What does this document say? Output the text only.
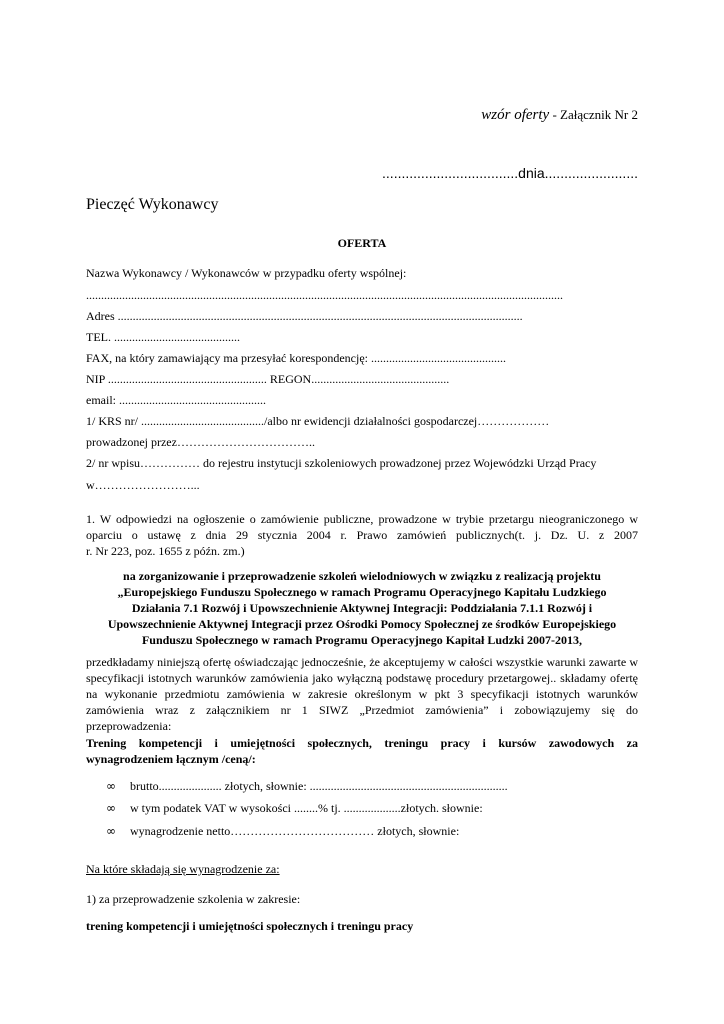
wzór oferty - Załącznik Nr 2
...................................dnia........................
Pieczęć Wykonawcy
OFERTA
Nazwa Wykonawcy / Wykonawców w przypadku oferty wspólnej:
...............................................................................................................................................................
Adres .......................................................................................................................................
TEL. ..........................................
FAX, na który zamawiający ma przesyłać korespondencję: .............................................
NIP ..................................................... REGON..............................................
email: .................................................
1/ KRS nr/ ........................................./albo nr ewidencji działalności gospodarczej………………
prowadzonej przez……………………………..
2/ nr wpisu…………… do rejestru instytucji szkoleniowych prowadzonej przez Wojewódzki Urząd Pracy
w……………………...
1. W odpowiedzi na ogłoszenie o zamówienie publiczne, prowadzone w trybie przetargu nieograniczonego w oparciu o ustawę z dnia 29 stycznia 2004 r. Prawo zamówień publicznych(t. j. Dz. U. z 2007
r. Nr 223, poz. 1655 z późn. zm.)
na zorganizowanie i przeprowadzenie szkoleń wielodniowych w związku z realizacją projektu
„Europejskiego Funduszu Społecznego w ramach Programu Operacyjnego Kapitału Ludzkiego
Działania 7.1 Rozwój i Upowszechnienie Aktywnej Integracji: Poddziałania 7.1.1 Rozwój i
Upowszechnienie Aktywnej Integracji przez Ośrodki Pomocy Społecznej ze środków Europejskiego
Funduszu Społecznego w ramach Programu Operacyjnego Kapitał Ludzki 2007-2013,
przedkładamy niniejszą ofertę oświadczając jednocześnie, że akceptujemy w całości wszystkie warunki zawarte w specyfikacji istotnych warunków zamówienia jako wyłączną podstawę procedury przetargowej.. składamy ofertę na wykonanie przedmiotu zamówienia w zakresie określonym w pkt 3 specyfikacji istotnych warunków zamówienia wraz z załącznikiem nr 1 SIWZ „Przedmiot zamówienia” i zobowiązujemy się do
przeprowadzenia:
Trening kompetencji i umiejętności społecznych, treningu pracy i kursów zawodowych za
wynagrodzeniem łącznym /ceną/:
∞ brutto..................... złotych, słownie: ..................................................................
∞ w tym podatek VAT w wysokości ........% tj. ...................złotych. słownie:
∞ wynagrodzenie netto……………………………… złotych, słownie:
Na które składają się wynagrodzenie za:
1) za przeprowadzenie szkolenia w zakresie:
trening kompetencji i umiejętności społecznych i treningu pracy
